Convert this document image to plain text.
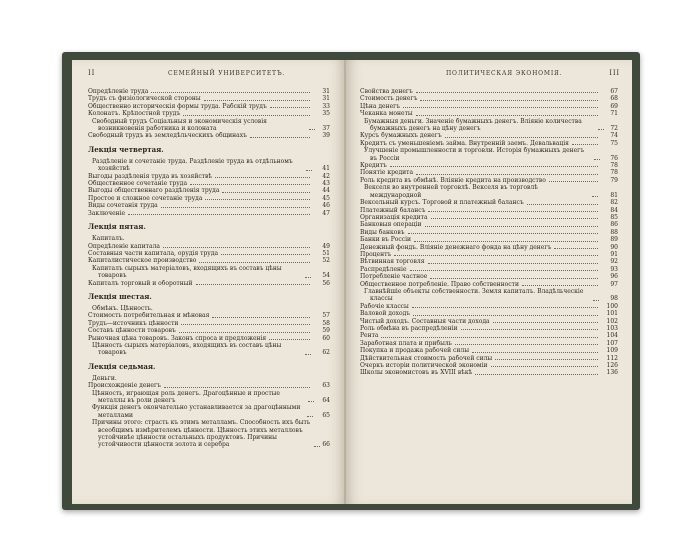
II	СЕМЕЙНЫЙ УНИВЕРСИТЕТЪ.
Опредѣленіе труда	31
Трудъ съ физіологической стороны	31
Общественно историческія формы труда. Рабскій трудъ	33
Колонатъ. Крѣпостной трудъ	35
Свободный трудъ Соціальныя и экономическія условія возникновенія работника и колоната	37
Свободный трудъ въ земледѣльческихъ общинахъ	39
Лекція четвертая.
Раздѣленіе и сочетаніе труда. Раздѣленіе труда въ отдѣльномъ хозяйствѣ	41
Выгоды раздѣленія труда въ хозяйствѣ	42
Общественное сочетаніе труда	43
Выгоды общественнаго раздѣленія труда	44
Простое и сложное сочетаніе труда	45
Виды сочетанія труда	46
Заключеніе	47
Лекція пятая.
Капиталъ.
Опредѣленіе капитала	49
Составныя части капитала, орудія труда	51
Капиталистическое производство	52
Капиталъ сырыхъ матеріаловъ, входящихъ въ составъ цѣны товаровъ	54
Капиталъ торговый и оборотный	56
Лекція шестая.
Обмѣнъ. Цѣнность.
Стоимость потребительная и мѣновая	57
Трудъ—источникъ цѣнности	58
Составъ цѣнности товаровъ	59
Рыночная цѣна товаровъ. Законъ спроса и предложенія	60
Цѣнность сырыхъ матеріаловъ, входящихъ въ составъ цѣны товаровъ	62
Лекція седьмая.
Деньги.
Происхожденіе денегъ	63
Цѣнность, играющая роль денегъ. Драгоцѣнные и простые металлы въ роли денегъ	64
Функція денегъ окончательно устанавливается за драгоцѣнными металлами	65
Причины этого: страсть къ этимъ металламъ. Способность ихъ быть всеобщимъ измѣрителемъ цѣнности. Цѣнность этихъ металловъ устойчивѣе цѣнности остальныхъ продуктовъ. Причины устойчивости цѣнности золота и серебра	66
ПОЛИТИЧЕСКАЯ ЭКОНОМІЯ.	III
Свойства денегъ	67
Стоимость денегъ	68
Цѣна денегъ	69
Чеканка монеты	71
Бумажныя деньги. Значеніе бумажныхъ денегъ. Вліяніе количества бумажныхъ денегъ на цѣну денегъ	72
Курсъ бумажныхъ денегъ	74
Кредитъ съ уменьшеніемъ займа. Внутренній заемъ. Девальвація	75
Улучшеніе промышленности и торговли. Исторія бумажныхъ денегъ въ Россіи	76
Кредитъ	78
Понятіе кредита	78
Роль кредита въ обмѣнѣ. Вліяніе кредита на производство	79
Векселя во внутренней торговлѣ. Векселя въ торговлѣ международной	81
Вексельный курсъ. Торговой и платежный балансъ	82
Платежный балансъ	84
Организація кредита	85
Банковыя операціи	86
Виды банковъ	88
Банки въ Россіи	89
Денежный фондъ. Вліяніе денежнаго фонда на цѣну денегъ	90
Процентъ	91
Вѣтвинная торговля	92
Распредѣленіе	93
Потребленіе частное	96
Общественное потребленіе. Право собственности	97
Главнѣйшіе объекты собственности. Земля капиталъ. Владѣльческіе классы	98
Рабочіе классы	100
Валовой доходъ	101
Чистый доходъ. Составныя части дохода	102
Роль обмѣна въ распредѣленіи	103
Рента	104
Заработная плата и прибыль	107
Покупка и продажа рабочей силы	109
Дѣйствительная стоимость рабочей силы	112
Очеркъ исторіи политической экономіи	126
Школы экономистовъ въ XVIII вѣкѣ	136
